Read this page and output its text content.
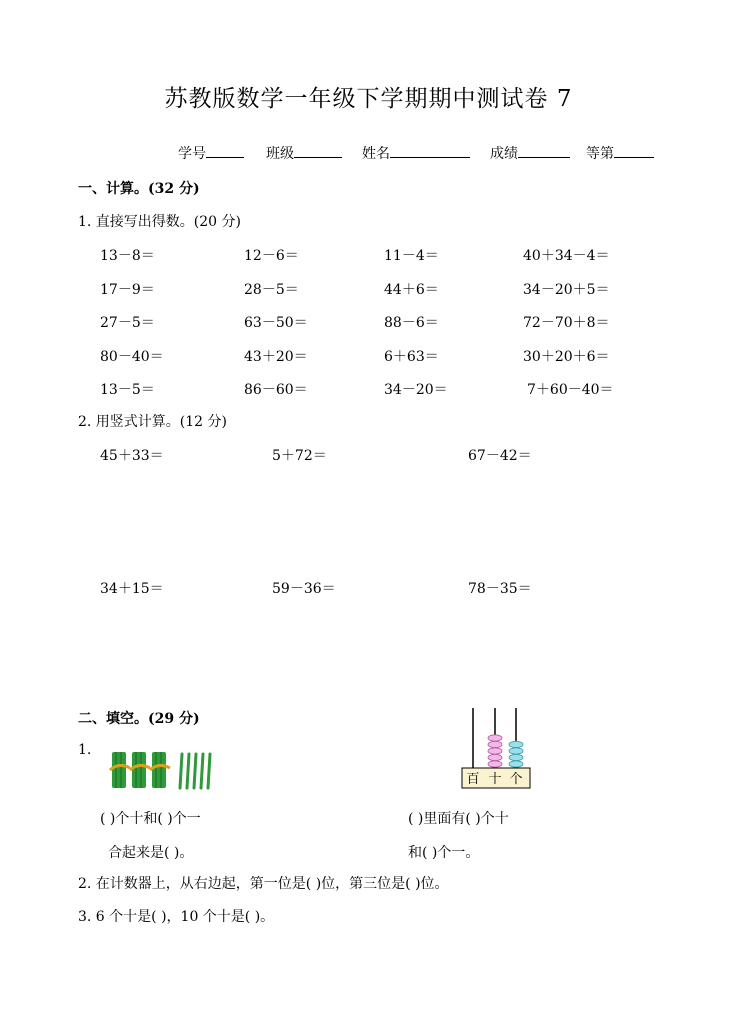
苏教版数学一年级下学期期中测试卷 7
学号	班级	姓名	成绩	等第
一、计算。(32 分)
1. 直接写出得数。(20 分)
13－8＝	12－6＝	11－4＝	40＋34－4＝
17－9＝	28－5＝	44＋6＝	34－20＋5＝
27－5＝	63－50＝	88－6＝	72－70＋8＝
80－40＝	43＋20＝	6＋63＝	30＋20＋6＝
13－5＝	86－60＝	34－20＝	7＋60－40＝
2. 用竖式计算。(12 分)
45＋33＝	5＋72＝	67－42＝
34＋15＝	59－36＝	78－35＝
二、填空。(29 分)
1.
百 十 个
( )个十和( )个一
合起来是( )。
( )里面有( )个十
和( )个一。
2. 在计数器上，从右边起，第一位是( )位，第三位是( )位。
3. 6 个十是( )，10 个十是( )。
